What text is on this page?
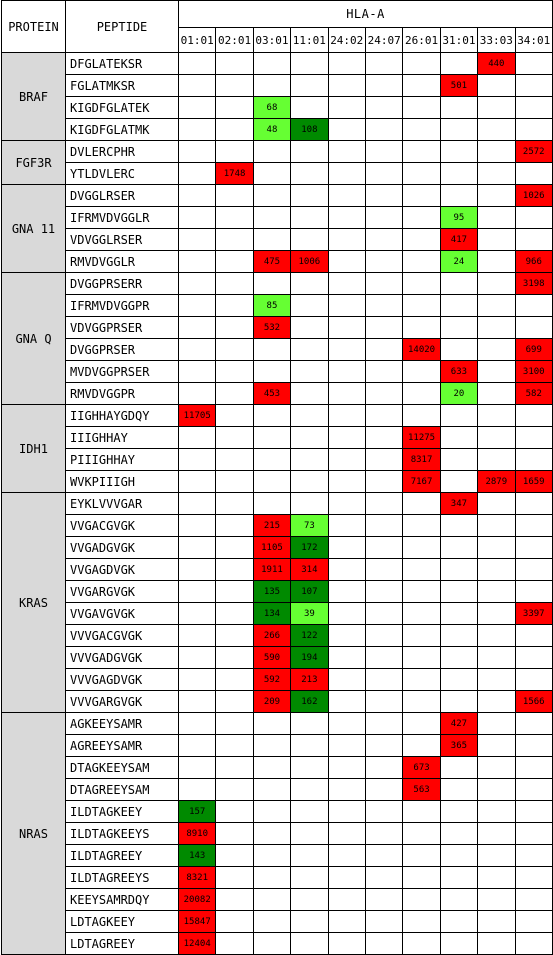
PROTEIN	PEPTIDE	HLA-A									
		01:01	02:01	03:01	11:01	24:02	24:07	26:01	31:01	33:03	34:01
BRAF	DFGLATEKSR									440	
	FGLATMKSR								501		
	KIGDFGLATEK			68							
	KIGDFGLATMK			48	108						
FGF3R	DVLERCPHR										2572
	YTLDVLERC		1748								
GNA 11	DVGGLRSER										1026
	IFRMVDVGGLR								95		
	VDVGGLRSER								417		
	RMVDVGGLR			475	1006				24		966
GNA Q	DVGGPRSERR										3198
	IFRMVDVGGPR			85							
	VDVGGPRSER			532							
	DVGGPRSER							14020			699
	MVDVGGPRSER								633		3100
	RMVDVGGPR			453					20		582
IDH1	IIGHHAYGDQY	11705									
	IIIGHHAY							11275			
	PIIIGHHAY							8317			
	WVKPIIIGH							7167		2879	1659
KRAS	EYKLVVVGAR								347		
	VVGACGVGK			215	73						
	VVGADGVGK			1105	172						
	VVGAGDVGK			1911	314						
	VVGARGVGK			135	107						
	VVGAVGVGK			134	39						3397
	VVVGACGVGK			266	122						
	VVVGADGVGK			590	194						
	VVVGAGDVGK			592	213						
	VVVGARGVGK			209	162						1566
NRAS	AGKEEYSAMR								427		
	AGREEYSAMR								365		
	DTAGKEEYSAM							673			
	DTAGREEYSAM							563			
	ILDTAGKEEY	157									
	ILDTAGKEEYS	8910									
	ILDTAGREEY	143									
	ILDTAGREEYS	8321									
	KEEYSAMRDQY	20082									
	LDTAGKEEY	15847									
	LDTAGREEY	12404									
